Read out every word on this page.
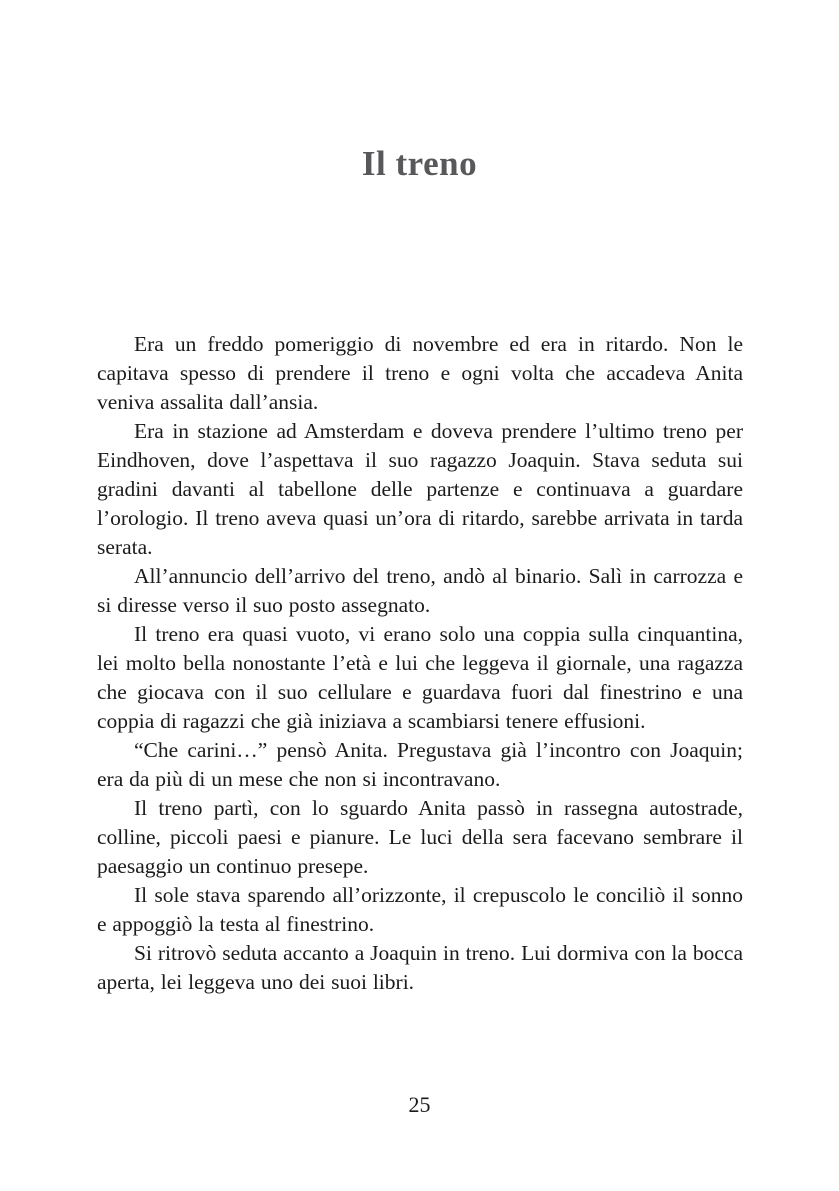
Il treno

Era un freddo pomeriggio di novembre ed era in ritardo. Non le capitava spesso di prendere il treno e ogni volta che accadeva Anita veniva assalita dall’ansia.

Era in stazione ad Amsterdam e doveva prendere l’ultimo treno per Eindhoven, dove l’aspettava il suo ragazzo Joaquin. Stava seduta sui gradini davanti al tabellone delle partenze e continuava a guardare l’orologio. Il treno aveva quasi un’ora di ritardo, sarebbe arrivata in tarda serata.

All’annuncio dell’arrivo del treno, andò al binario. Salì in carrozza e si diresse verso il suo posto assegnato.

Il treno era quasi vuoto, vi erano solo una coppia sulla cinquantina, lei molto bella nonostante l’età e lui che leggeva il giornale, una ragazza che giocava con il suo cellulare e guardava fuori dal finestrino e una coppia di ragazzi che già iniziava a scambiarsi tenere effusioni.

“Che carini…” pensò Anita. Pregustava già l’incontro con Joaquin; era da più di un mese che non si incontravano.

Il treno partì, con lo sguardo Anita passò in rassegna autostrade, colline, piccoli paesi e pianure. Le luci della sera facevano sembrare il paesaggio un continuo presepe.

Il sole stava sparendo all’orizzonte, il crepuscolo le conciliò il sonno e appoggiò la testa al finestrino.

Si ritrovò seduta accanto a Joaquin in treno. Lui dormiva con la bocca aperta, lei leggeva uno dei suoi libri.

25
